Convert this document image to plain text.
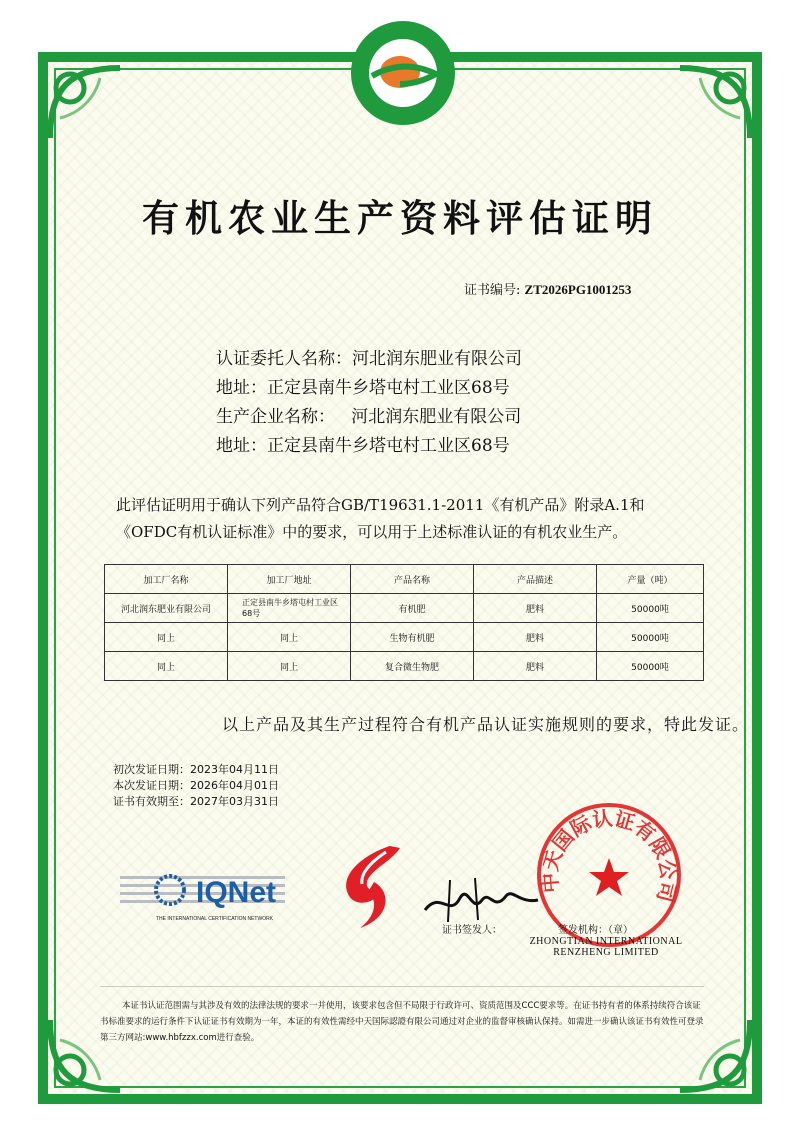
有机农业生产资料评估证明
证书编号: ZT2026PG1001253
认证委托人名称：河北润东肥业有限公司
地址：正定县南牛乡塔屯村工业区68号
生产企业名称：   河北润东肥业有限公司
地址：正定县南牛乡塔屯村工业区68号
此评估证明用于确认下列产品符合GB/T19631.1-2011《有机产品》附录A.1和
《OFDC有机认证标准》中的要求，可以用于上述标准认证的有机农业生产。
加工厂名称	加工厂地址	产品名称	产品描述	产量（吨）
河北润东肥业有限公司	正定县南牛乡塔屯村工业区68号	有机肥	肥料	50000吨
同上	同上	生物有机肥	肥料	50000吨
同上	同上	复合微生物肥	肥料	50000吨
以上产品及其生产过程符合有机产品认证实施规则的要求，特此发证。
初次发证日期：2023年04月11日
本次发证日期：2026年04月01日
证书有效期至：2027年03月31日
IQNet
THE INTERNATIONAL CERTIFICATION NETWORK
证书签发人：
中天国际认证有限公司
签发机构：（章）
ZHONGTIAN INTERNATIONAL
RENZHENG LIMITED
本证书认证范围需与其涉及有效的法律法规的要求一并使用，该要求包含但不局限于行政许可、资质范围及CCC要求等。在证书持有者的体系持续符合该证书标准要求的运行条件下认证证书有效期为一年，本证的有效性需经中天国际認證有限公司通过对企业的监督审核确认保持。如需进一步确认该证书有效性可登录第三方网站:www.hbfzzx.com进行查验。
